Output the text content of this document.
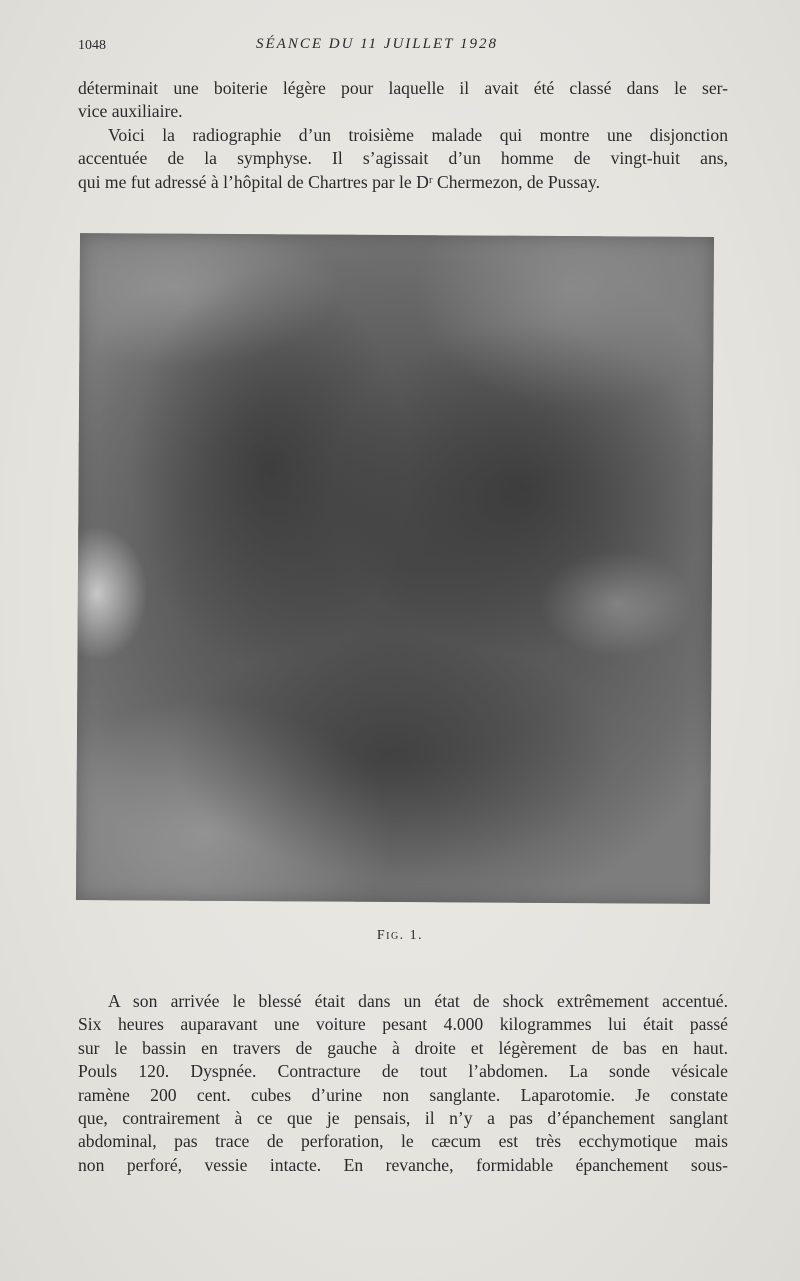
1048	SÉANCE DU 11 JUILLET 1928

déterminait une boiterie légère pour laquelle il avait été classé dans le ser-

vice auxiliaire.

Voici la radiographie d’un troisième malade qui montre une disjonction

accentuée de la symphyse. Il s’agissait d’un homme de vingt-huit ans,

qui me fut adressé à l’hôpital de Chartres par le Dʳ Chermezon, de Pussay.

Fig. 1.

A son arrivée le blessé était dans un état de shock extrêmement accentué.

Six heures auparavant une voiture pesant 4.000 kilogrammes lui était passé

sur le bassin en travers de gauche à droite et légèrement de bas en haut.

Pouls 120. Dyspnée. Contracture de tout l’abdomen. La sonde vésicale

ramène 200 cent. cubes d’urine non sanglante. Laparotomie. Je constate

que, contrairement à ce que je pensais, il n’y a pas d’épanchement sanglant

abdominal, pas trace de perforation, le cæcum est très ecchymotique mais

non perforé, vessie intacte. En revanche, formidable épanchement sous-
